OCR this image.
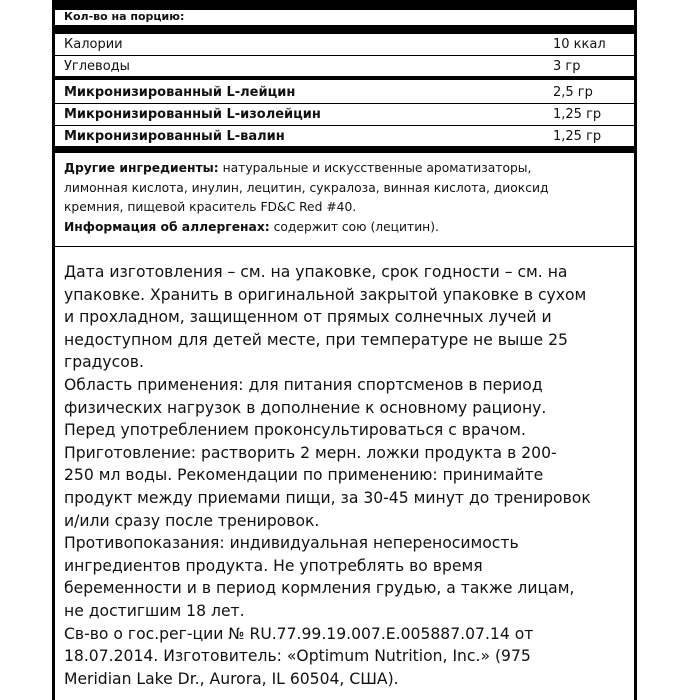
Кол-во на порцию:
Калории	10 ккал
Углеводы	3 гр
Микронизированный L-лейцин	2,5 гр
Микронизированный L-изолейцин	1,25 гр
Микронизированный L-валин	1,25 гр

Другие ингредиенты: натуральные и искусственные ароматизаторы,

лимонная кислота, инулин, лецитин, сукралоза, винная кислота, диоксид

кремния, пищевой краситель FD&C Red #40.

Информация об аллергенах: содержит сою (лецитин).

Дата изготовления – см. на упаковке, срок годности – см. на
упаковке. Хранить в оригинальной закрытой упаковке в сухом
и прохладном, защищенном от прямых солнечных лучей и
недоступном для детей месте, при температуре не выше 25
градусов.
Область применения: для питания спортсменов в период
физических нагрузок в дополнение к основному рациону.
Перед употреблением проконсультироваться с врачом.
Приготовление: растворить 2 мерн. ложки продукта в 200-
250 мл воды. Рекомендации по применению: принимайте
продукт между приемами пищи, за 30-45 минут до тренировок
и/или сразу после тренировок.
Противопоказания: индивидуальная непереносимость
ингредиентов продукта. Не употреблять во время
беременности и в период кормления грудью, а также лицам,
не достигшим 18 лет.
Св-во о гос.рег-ции № RU.77.99.19.007.Е.005887.07.14 от
18.07.2014. Изготовитель: «Optimum Nutrition, Inc.» (975
Meridian Lake Dr., Aurora, IL 60504, США).
